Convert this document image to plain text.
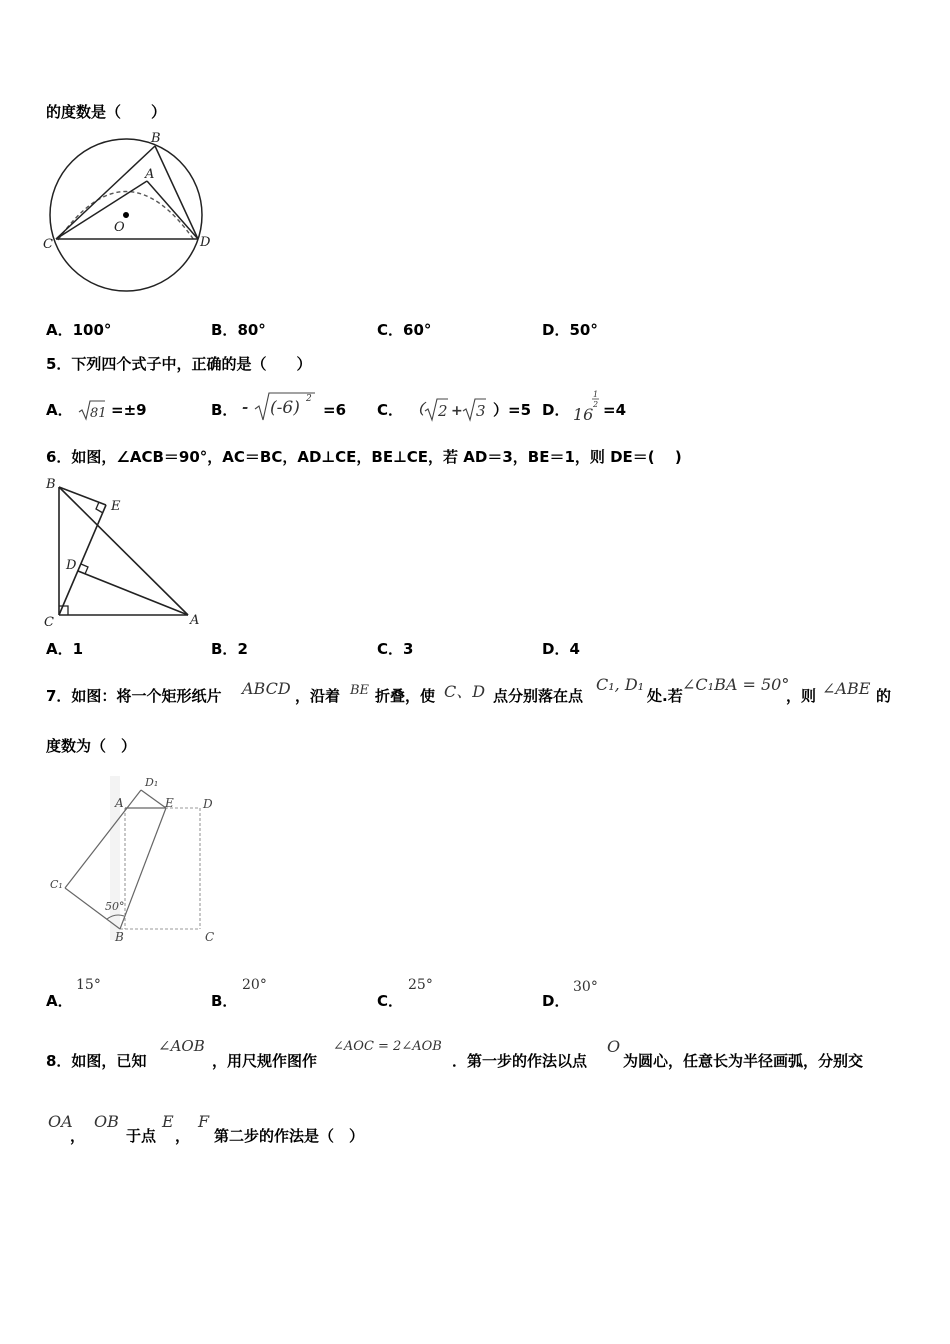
的度数是（　　）
B
A
O
C	D
A．100°	B．80°	C．60°	D．50°
5．下列四个式子中，正确的是（　　）
A． 81 =±9	B． - (-6) 2
=6 C． （ 2 + 3 ）=5 D． 16
1
2 =4
6．如图，∠ACB＝90°，AC＝BC，AD⊥CE，BE⊥CE，若 AD＝3，BE＝1，则 DE＝(　 )
B
E
D
C	A
A．1	B．2	C．3	D．4
7．如图：将一个矩形纸片 ABCD ，沿着 BE 折叠，使 C、D 点分别落在点
C₁, D₁
处.若
∠C₁BA = 50°
，则 ∠ABE 的
度数为（　）
D₁
A	E D
C₁
50°
B	C
A．
15°
B．
20°
C．
25°
D．
30°
8．如图，已知
∠AOB
，用尺规作图作
∠AOC = 2∠AOB
．第一步的作法以点
O
为圆心，任意长为半径画弧，分别交
OA
，
OB
于点
E
，
F
第二步的作法是（　）
